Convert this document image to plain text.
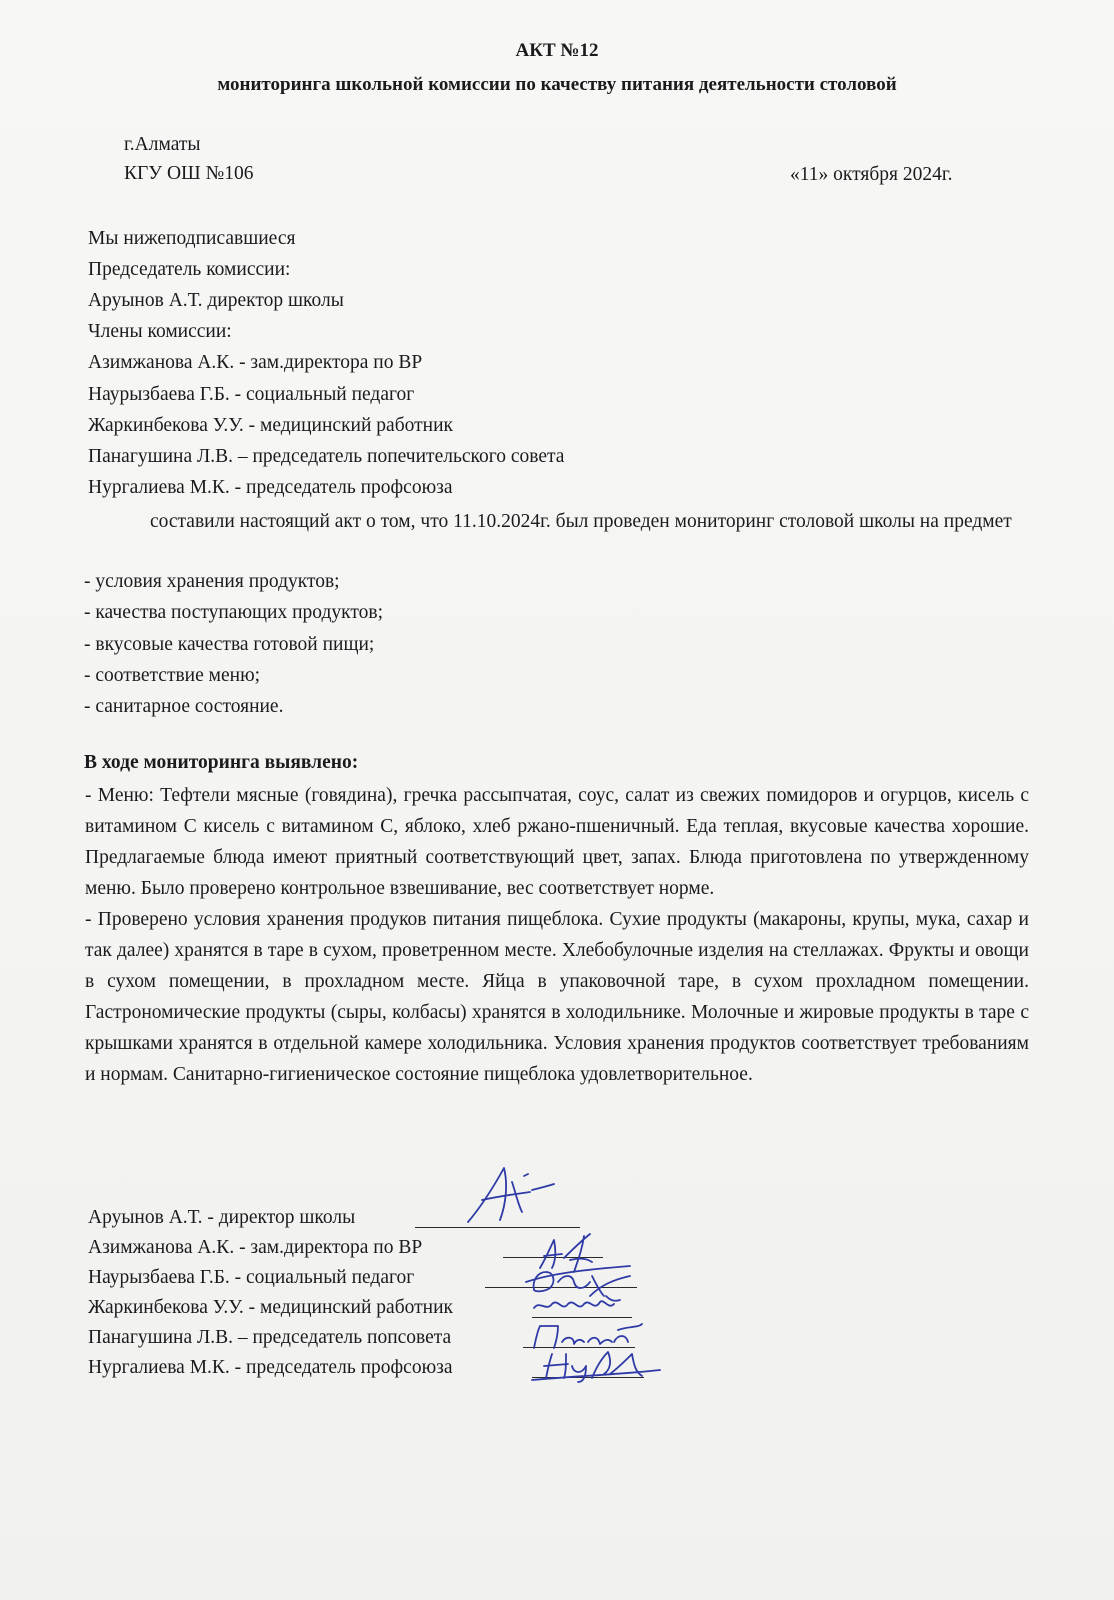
АКТ №12
мониторинга школьной комиссии по качеству питания деятельности столовой
г.Алматы
КГУ ОШ №106	«11» октября 2024г.
Мы нижеподписавшиеся
Председатель комиссии:
Аруынов А.Т. директор школы
Члены комиссии:
Азимжанова А.К. - зам.директора по ВР
Наурызбаева Г.Б. - социальный педагог
Жаркинбекова У.У. - медицинский работник
Панагушина Л.В. – председатель попечительского совета
Нургалиева М.К. - председатель профсоюза

составили настоящий акт о том, что 11.10.2024г. был проведен мониторинг столовой школы на предмет

- условия хранения продуктов;
- качества поступающих продуктов;
- вкусовые качества готовой пищи;
- соответствие меню;
- санитарное состояние.
В ходе мониторинга выявлено:

- Меню: Тефтели мясные (говядина), гречка рассыпчатая, соус, салат из свежих помидоров и огурцов, кисель с витамином С кисель с витамином С, яблоко, хлеб ржано-пшеничный. Еда теплая, вкусовые качества хорошие. Предлагаемые блюда имеют приятный соответствующий цвет, запах. Блюда приготовлена по утвержденному меню. Было проверено контрольное взвешивание, вес соответствует норме.

- Проверено условия хранения продуков питания пищеблока. Сухие продукты (макароны, крупы, мука, сахар и так далее) хранятся в таре в сухом, проветренном месте. Хлебобулочные изделия на стеллажах. Фрукты и овощи в сухом помещении, в прохладном месте. Яйца в упаковочной таре, в сухом прохладном помещении. Гастрономические продукты (сыры, колбасы) хранятся в холодильнике. Молочные и жировые продукты в таре с крышками хранятся в отдельной камере холодильника. Условия хранения продуктов соответствует требованиям и нормам. Санитарно-гигиеническое состояние пищеблока удовлетворительное.

Аруынов А.Т. - директор школы
Азимжанова А.К. - зам.директора по ВР
Наурызбаева Г.Б. - социальный педагог
Жаркинбекова У.У. - медицинский работник
Панагушина Л.В. – председатель попсовета
Нургалиева М.К. - председатель профсоюза
